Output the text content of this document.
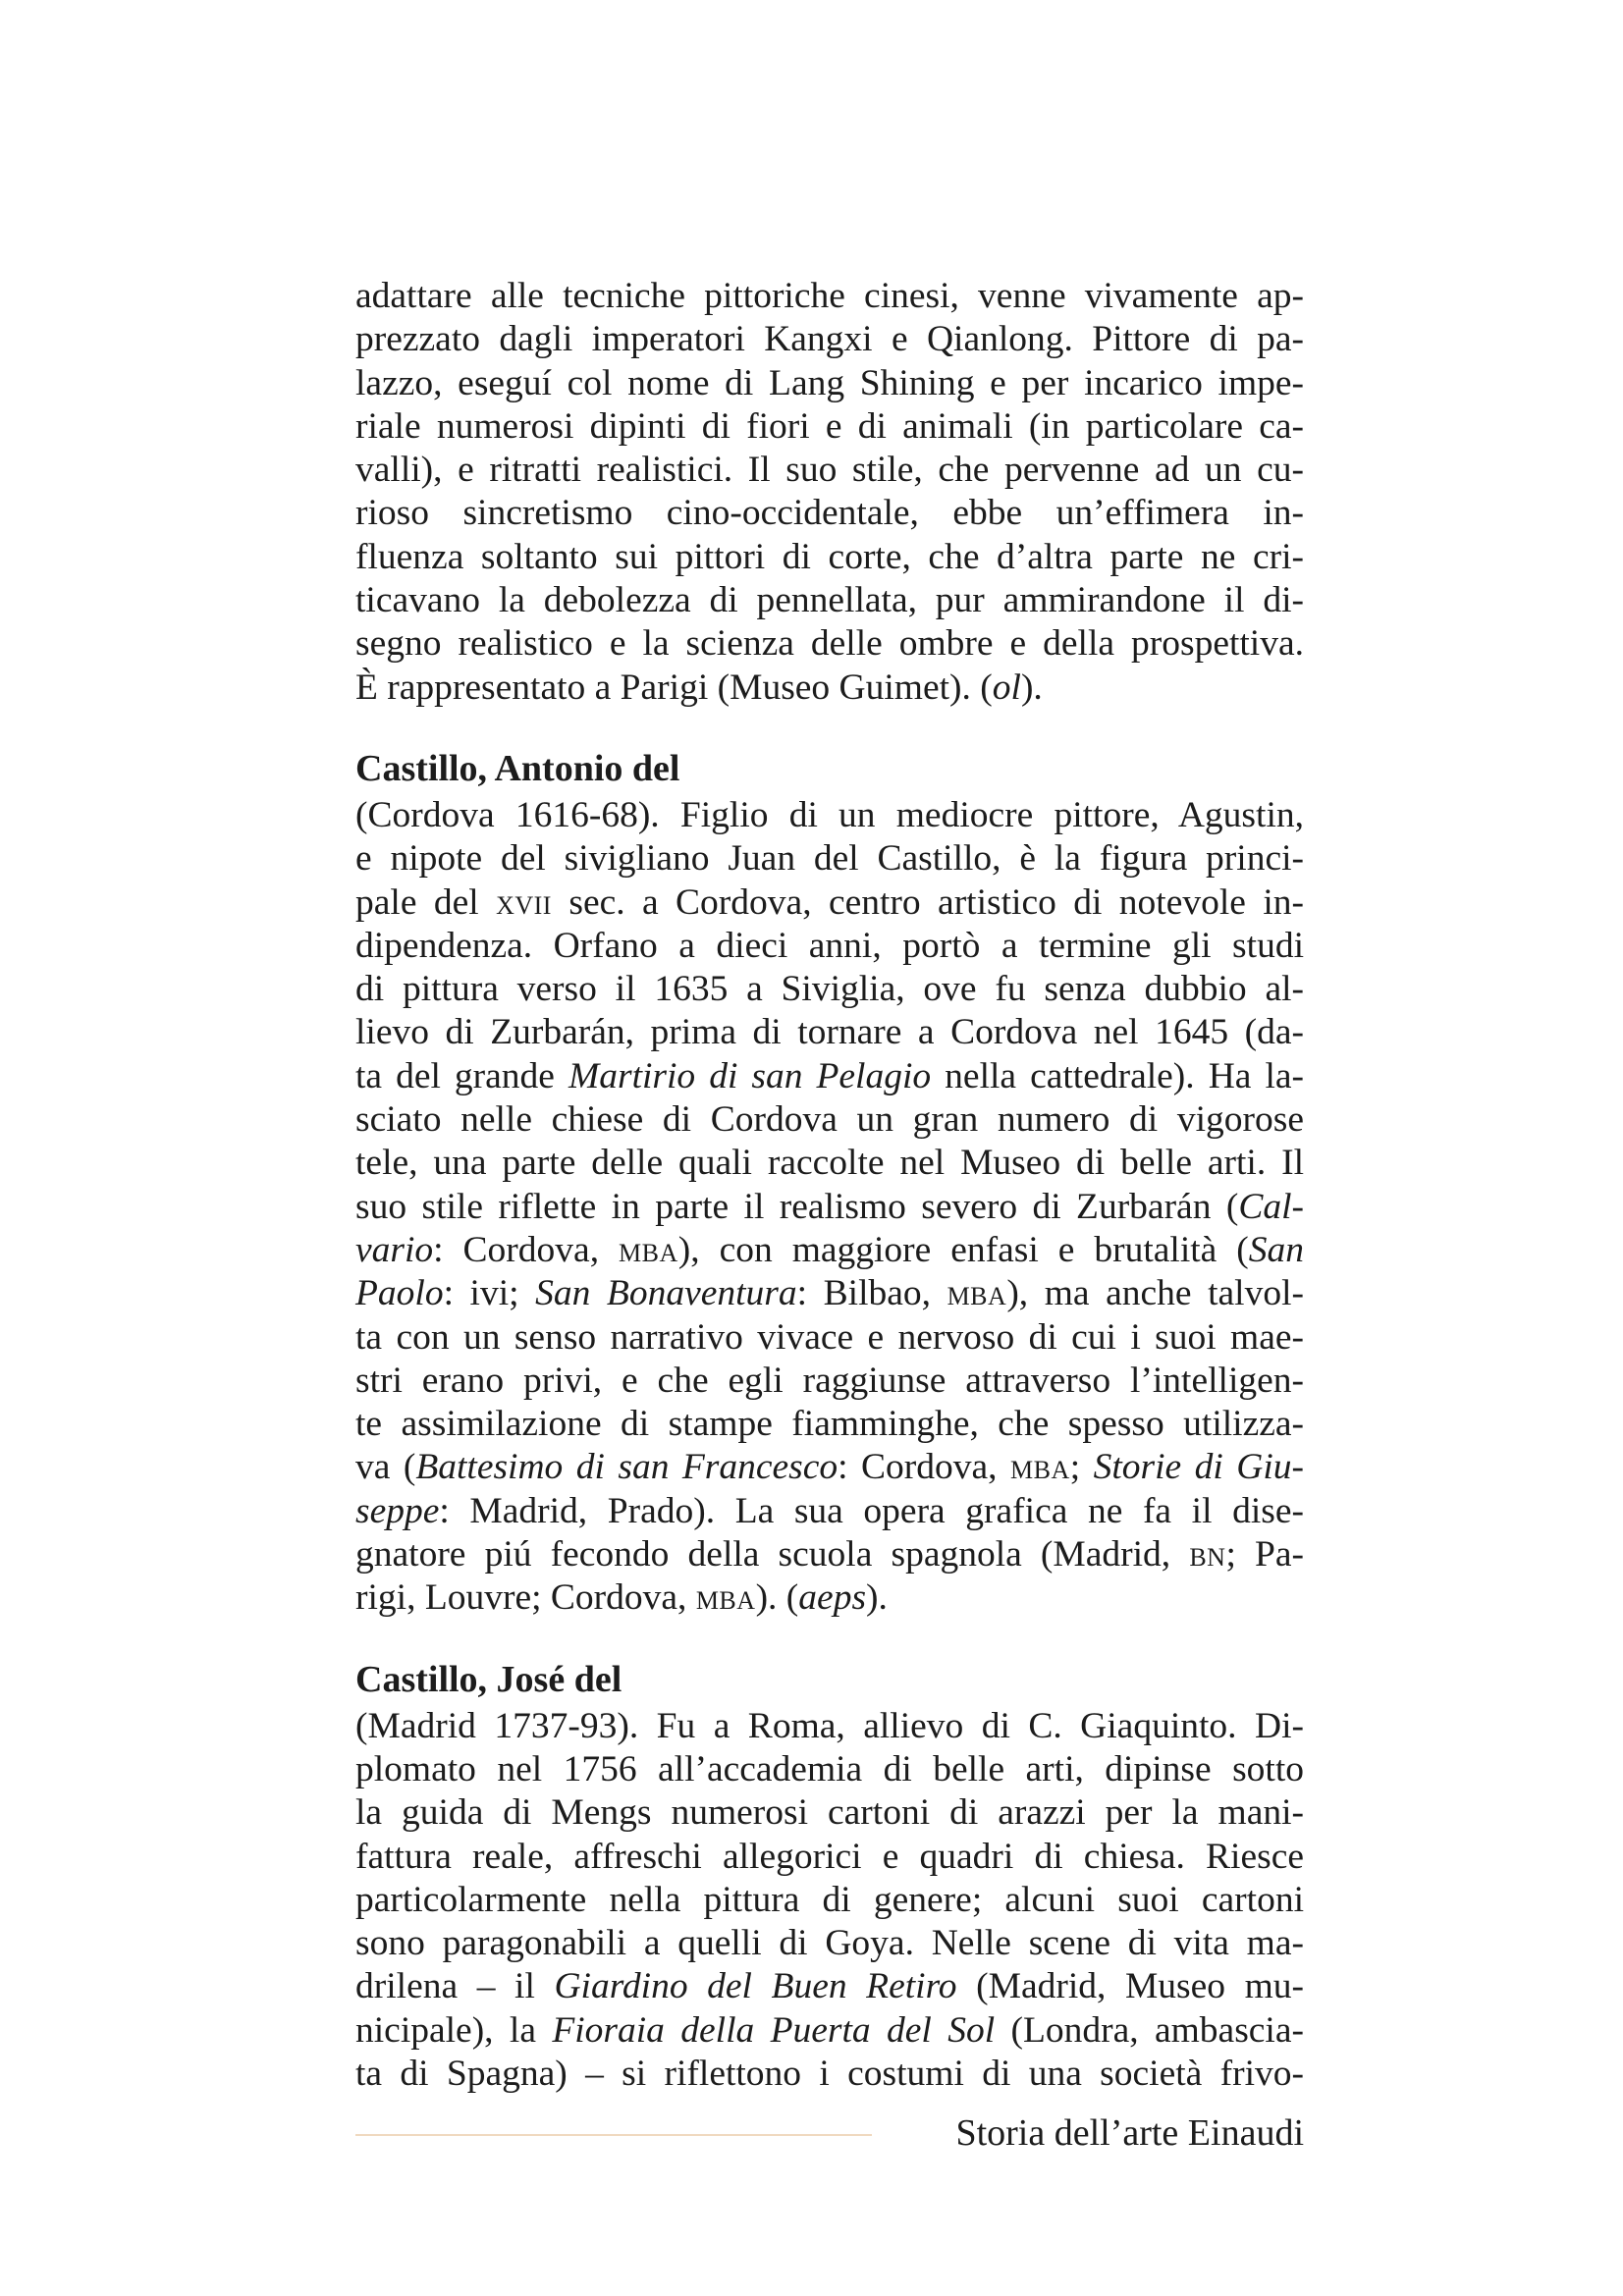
adattare alle tecniche pittoriche cinesi, venne vivamente ap-
prezzato dagli imperatori Kangxi e Qianlong. Pittore di pa-
lazzo, eseguí col nome di Lang Shining e per incarico impe-
riale numerosi dipinti di fiori e di animali (in particolare ca-
valli), e ritratti realistici. Il suo stile, che pervenne ad un cu-
rioso sincretismo cino-occidentale, ebbe un’effimera in-
fluenza soltanto sui pittori di corte, che d’altra parte ne cri-
ticavano la debolezza di pennellata, pur ammirandone il di-
segno realistico e la scienza delle ombre e della prospettiva.
È rappresentato a Parigi (Museo Guimet). (ol).
Castillo, Antonio del
(Cordova 1616-68). Figlio di un mediocre pittore, Agustin,
e nipote del sivigliano Juan del Castillo, è la figura princi-
pale del xvii sec. a Cordova, centro artistico di notevole in-
dipendenza. Orfano a dieci anni, portò a termine gli studi
di pittura verso il 1635 a Siviglia, ove fu senza dubbio al-
lievo di Zurbarán, prima di tornare a Cordova nel 1645 (da-
ta del grande Martirio di san Pelagio nella cattedrale). Ha la-
sciato nelle chiese di Cordova un gran numero di vigorose
tele, una parte delle quali raccolte nel Museo di belle arti. Il
suo stile riflette in parte il realismo severo di Zurbarán (Cal-
vario: Cordova, mba), con maggiore enfasi e brutalità (San
Paolo: ivi; San Bonaventura: Bilbao, mba), ma anche talvol-
ta con un senso narrativo vivace e nervoso di cui i suoi mae-
stri erano privi, e che egli raggiunse attraverso l’intelligen-
te assimilazione di stampe fiamminghe, che spesso utilizza-
va (Battesimo di san Francesco: Cordova, mba; Storie di Giu-
seppe: Madrid, Prado). La sua opera grafica ne fa il dise-
gnatore piú fecondo della scuola spagnola (Madrid, bn; Pa-
rigi, Louvre; Cordova, mba). (aeps).
Castillo, José del
(Madrid 1737-93). Fu a Roma, allievo di C. Giaquinto. Di-
plomato nel 1756 all’accademia di belle arti, dipinse sotto
la guida di Mengs numerosi cartoni di arazzi per la mani-
fattura reale, affreschi allegorici e quadri di chiesa. Riesce
particolarmente nella pittura di genere; alcuni suoi cartoni
sono paragonabili a quelli di Goya. Nelle scene di vita ma-
drilena – il Giardino del Buen Retiro (Madrid, Museo mu-
nicipale), la Fioraia della Puerta del Sol (Londra, ambascia-
ta di Spagna) – si riflettono i costumi di una società frivo-
Storia dell’arte Einaudi
